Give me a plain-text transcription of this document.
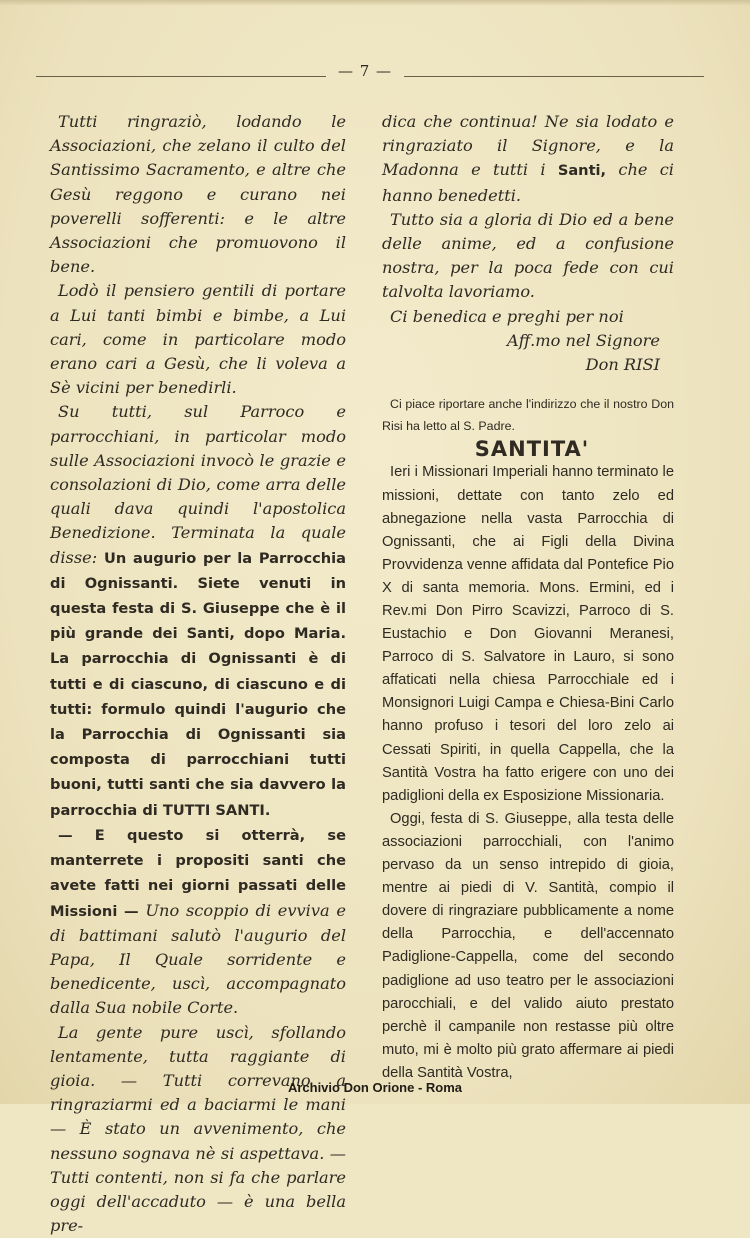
— 7 —

Tutti ringraziò, lodando le Associazioni, che zelano il culto del Santissimo Sacramento, e altre che Gesù reggono e curano nei poverelli sofferenti: e le altre Associazioni che promuovono il bene.

Lodò il pensiero gentili di portare a Lui tanti bimbi e bimbe, a Lui cari, come in particolare modo erano cari a Gesù, che li voleva a Sè vicini per benedirli.

Su tutti, sul Parroco e parrocchiani, in particolar modo sulle Associazioni invocò le grazie e consolazioni di Dio, come arra delle quali dava quindi l'apostolica Benedizione. Terminata la quale disse: Un augurio per la Parrocchia di Ognissanti. Siete venuti in questa festa di S. Giuseppe che è il più grande dei Santi, dopo Maria. La parrocchia di Ognissanti è di tutti e di ciascuno, di ciascuno e di tutti: formulo quindi l'augurio che la Parrocchia di Ognissanti sia composta di parrocchiani tutti buoni, tutti santi che sia davvero la parrocchia di TUTTI SANTI.

— E questo si otterrà, se manterrete i propositi santi che avete fatti nei giorni passati delle Missioni — Uno scoppio di evviva e di battimani salutò l'augurio del Papa, Il Quale sorridente e benedicente, uscì, accompagnato dalla Sua nobile Corte.

La gente pure uscì, sfollando lentamente, tutta raggiante di gioia. — Tutti correvano a ringraziarmi ed a baciarmi le mani — È stato un avvenimento, che nessuno sognava nè si aspettava. — Tutti contenti, non si fa che parlare oggi dell'accaduto — è una bella pre-

dica che continua! Ne sia lodato e ringraziato il Signore, e la Madonna e tutti i Santi, che ci hanno benedetti.

Tutto sia a gloria di Dio ed a bene delle anime, ed a confusione nostra, per la poca fede con cui talvolta lavoriamo.

Ci benedica e preghi per noi

Aff.mo nel Signore

Don RISI

Ci piace riportare anche l'indirizzo che il nostro Don Risi ha letto al S. Padre.

SANTITA'

Ieri i Missionari Imperiali hanno terminato le missioni, dettate con tanto zelo ed abnegazione nella vasta Parrocchia di Ognissanti, che ai Figli della Divina Provvidenza venne affidata dal Pontefice Pio X di santa memoria. Mons. Ermini, ed i Rev.mi Don Pirro Scavizzi, Parroco di S. Eustachio e Don Giovanni Meranesi, Parroco di S. Salvatore in Lauro, si sono affaticati nella chiesa Parrocchiale ed i Monsignori Luigi Campa e Chiesa-Bini Carlo hanno profuso i tesori del loro zelo ai Cessati Spiriti, in quella Cappella, che la Santità Vostra ha fatto erigere con uno dei padiglioni della ex Esposizione Missionaria.

Oggi, festa di S. Giuseppe, alla testa delle associazioni parrocchiali, con l'animo pervaso da un senso intrepido di gioia, mentre ai piedi di V. Santità, compio il dovere di ringraziare pubblicamente a nome della Parrocchia, e dell'accennato Padiglione-Cappella, come del secondo padiglione ad uso teatro per le associazioni parocchiali, e del valido aiuto prestato perchè il campanile non restasse più oltre muto, mi è molto più grato affermare ai piedi della Santità Vostra,

Archivio Don Orione - Roma
